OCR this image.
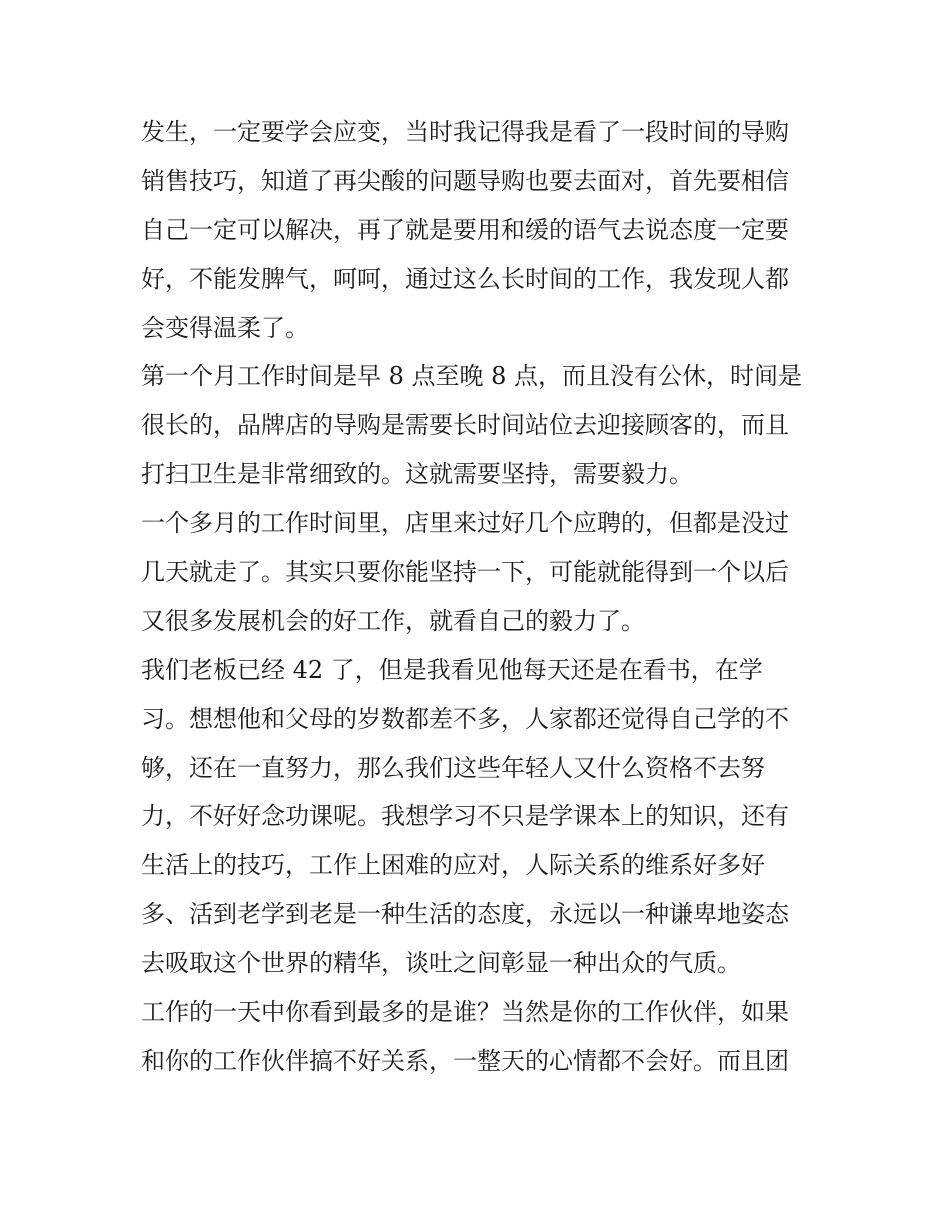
发生，一定要学会应变，当时我记得我是看了一段时间的导购
销售技巧，知道了再尖酸的问题导购也要去面对，首先要相信
自己一定可以解决，再了就是要用和缓的语气去说态度一定要
好，不能发脾气，呵呵，通过这么长时间的工作，我发现人都
会变得温柔了。
第一个月工作时间是早 8 点至晚 8 点，而且没有公休，时间是
很长的，品牌店的导购是需要长时间站位去迎接顾客的，而且
打扫卫生是非常细致的。这就需要坚持，需要毅力。
一个多月的工作时间里，店里来过好几个应聘的，但都是没过
几天就走了。其实只要你能坚持一下，可能就能得到一个以后
又很多发展机会的好工作，就看自己的毅力了。
我们老板已经 42 了，但是我看见他每天还是在看书，在学
习。想想他和父母的岁数都差不多，人家都还觉得自己学的不
够，还在一直努力，那么我们这些年轻人又什么资格不去努
力，不好好念功课呢。我想学习不只是学课本上的知识，还有
生活上的技巧，工作上困难的应对，人际关系的维系好多好
多、活到老学到老是一种生活的态度，永远以一种谦卑地姿态
去吸取这个世界的精华，谈吐之间彰显一种出众的气质。
工作的一天中你看到最多的是谁？当然是你的工作伙伴，如果
和你的工作伙伴搞不好关系，一整天的心情都不会好。而且团
